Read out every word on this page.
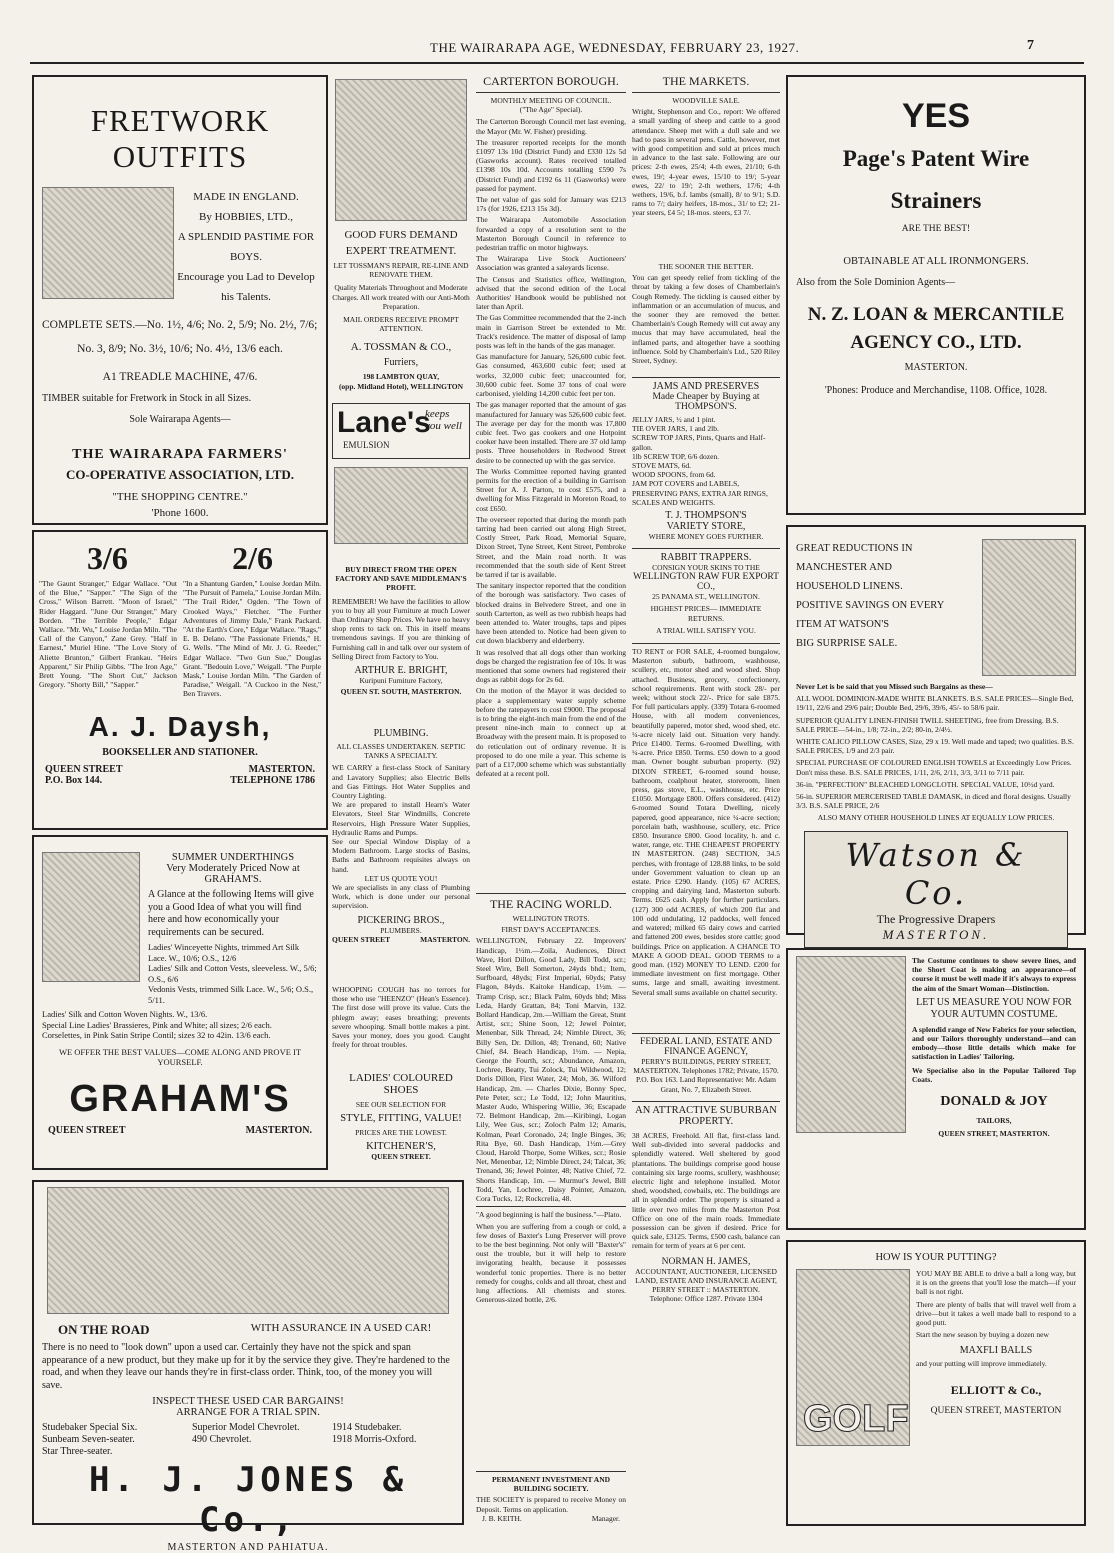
THE WAIRARAPA AGE, WEDNESDAY, FEBRUARY 23, 1927.	7
FRETWORK OUTFITS
MADE IN ENGLAND.
By HOBBIES, LTD.,
A SPLENDID PASTIME FOR
BOYS.
Encourage you Lad to Develop
his Talents.
COMPLETE SETS.—No. 1½, 4/6; No. 2, 5/9; No. 2½, 7/6;
No. 3, 8/9; No. 3½, 10/6; No. 4½, 13/6 each.
A1 TREADLE MACHINE, 47/6.
TIMBER suitable for Fretwork in Stock in all Sizes.
Sole Wairarapa Agents—
THE WAIRARAPA FARMERS'
CO-OPERATIVE ASSOCIATION, LTD.
"THE SHOPPING CENTRE."
'Phone 1600.
3/6	2/6
"The Gaunt Stranger," Edgar Wallace. "Out of the Blue," "Sapper." "The Sign of the Cross," Wilson Barrett. "Moon of Israel," Rider Haggard. "June Our Stranger," Mary Borden. "The Terrible People," Edgar Wallace. "Mr. Wu," Louise Jordan Miln. "The Call of the Canyon," Zane Grey. "Half in Earnest," Muriel Hine. "The Love Story of Aliette Brunton," Gilbert Frankau. "Heirs Apparent," Sir Philip Gibbs. "The Iron Age," Brett Young. "The Short Cut," Jackson Gregory. "Shorty Bill," "Sapper."
"In a Shantung Garden," Louise Jordan Miln. "The Pursuit of Pamela," Louise Jordan Miln. "The Trail Rider," Ogden. "The Town of Crooked Ways," Fletcher. "The Further Adventures of Jimmy Dale," Frank Packard. "At the Earth's Core," Edgar Wallace. "Rags," E. B. Delano. "The Passionate Friends," H. G. Wells. "The Mind of Mr. J. G. Reeder," Edgar Wallace. "Two Gun Sue," Douglas Grant. "Bedouin Love," Weigall. "The Purple Mask," Louise Jordan Miln. "The Garden of Paradise," Weigall. "A Cuckoo in the Nest," Ben Travers.
A. J. Daysh,
BOOKSELLER AND STATIONER.
QUEEN STREET	MASTERTON.
P.O. Box 144.	TELEPHONE 1786
SUMMER UNDERTHINGS
Very Moderately Priced Now at
GRAHAM'S.
A Glance at the following Items will give you a Good Idea of what you will find here and how economically your requirements can be secured.
Ladies' Winceyette Nights, trimmed Art Silk Lace. W., 10/6; O.S., 12/6
Ladies' Silk and Cotton Vests, sleeveless. W., 5/6; O.S., 6/6
Vedonis Vests, trimmed Silk Lace. W., 5/6; O.S., 5/11.
Ladies' Silk and Cotton Woven Nights. W., 13/6.
Special Line Ladies' Brassieres, Pink and White; all sizes; 2/6 each.
Corselettes, in Pink Satin Stripe Contil; sizes 32 to 42in. 13/6 each.
WE OFFER THE BEST VALUES—COME ALONG AND PROVE IT YOURSELF.
GRAHAM'S
QUEEN STREET	MASTERTON.
ON THE ROAD	WITH ASSURANCE IN A USED CAR!
There is no need to "look down" upon a used car. Certainly they have not the spick and span appearance of a new product, but they make up for it by the service they give. They're hardened to the road, and when they leave our hands they're in first-class order. Think, too, of the money you will save.
INSPECT THESE USED CAR BARGAINS!
ARRANGE FOR A TRIAL SPIN.
Studebaker Special Six.	Superior Model Chevrolet.	1914 Studebaker.
Sunbeam Seven-seater.	490 Chevrolet.	1918 Morris-Oxford.
Star Three-seater.
H. J. JONES & Co.,
MASTERTON AND PAHIATUA.
GOOD FURS DEMAND
EXPERT TREATMENT.
LET TOSSMAN'S REPAIR, RE-LINE AND RENOVATE THEM.
Quality Materials Throughout and Moderate Charges. All work treated with our Anti-Moth Preparation.
MAIL ORDERS RECEIVE PROMPT ATTENTION.
A. TOSSMAN & CO.,
Furriers,
198 LAMBTON QUAY,
(opp. Midland Hotel), WELLINGTON
Lane's
keeps you well
EMULSION
BUY DIRECT FROM THE OPEN FACTORY AND SAVE MIDDLEMAN'S PROFIT.
REMEMBER! We have the facilities to allow you to buy all your Furniture at much Lower than Ordinary Shop Prices. We have no heavy shop rents to tack on. This in itself means tremendous savings. If you are thinking of Furnishing call in and talk over our system of Selling Direct from Factory to You.
ARTHUR E. BRIGHT,
Kuripuni Furniture Factory,
QUEEN ST. SOUTH, MASTERTON.
PLUMBING.
ALL CLASSES UNDERTAKEN. SEPTIC TANKS A SPECIALTY.
WE CARRY a first-class Stock of Sanitary and Lavatory Supplies; also Electric Bells and Gas Fittings. Hot Water Supplies and Country Lighting.
We are prepared to install Hearn's Water Elevators, Steel Star Windmills, Concrete Reservoirs, High Pressure Water Supplies, Hydraulic Rams and Pumps.
See our Special Window Display of a Modern Bathroom. Large stocks of Basins, Baths and Bathroom requisites always on hand.
LET US QUOTE YOU!
We are specialists in any class of Plumbing Work, which is done under our personal supervision.
PICKERING BROS.,
PLUMBERS.
QUEEN STREET	MASTERTON.
WHOOPING COUGH has no terrors for those who use "HEENZO" (Hean's Essence). The first dose will prove its value. Cuts the phlegm away; eases breathing; prevents severe whooping. Small bottle makes a pint. Saves your money, does you good. Caught freely for throat troubles.
LADIES' COLOURED SHOES
SEE OUR SELECTION FOR
STYLE, FITTING, VALUE!
PRICES ARE THE LOWEST.
KITCHENER'S,
QUEEN STREET.
CARTERTON BOROUGH.
MONTHLY MEETING OF COUNCIL.
("The Age" Special).

The Carterton Borough Council met last evening, the Mayor (Mr. W. Fisher) presiding.

The treasurer reported receipts for the month £1097 13s 10d (District Fund) and £330 12s 5d (Gasworks account). Rates received totalled £1398 10s 10d. Accounts totalling £590 7s (District Fund) and £192 6s 11 (Gasworks) were passed for payment.

The net value of gas sold for January was £213 17s (for 1926, £213 15s 3d).

The Wairarapa Automobile Association forwarded a copy of a resolution sent to the Masterton Borough Council in reference to pedestrian traffic on motor highways.

The Wairarapa Live Stock Auctioneers' Association was granted a saleyards license.

The Census and Statistics office, Wellington, advised that the second edition of the Local Authorities' Handbook would be published not later than April.

The Gas Committee recommended that the 2-inch main in Garrison Street be extended to Mr. Track's residence. The matter of disposal of lamp posts was left in the hands of the gas manager.

Gas manufacture for January, 526,600 cubic feet. Gas consumed, 463,600 cubic feet; used at works, 32,000 cubic feet; unaccounted for, 30,600 cubic feet. Some 37 tons of coal were carbonised, yielding 14,200 cubic feet per ton.

The gas manager reported that the amount of gas manufactured for January was 526,600 cubic feet. The average per day for the month was 17,800 cubic feet. Two gas cookers and one Hotpoint cooker have been installed. There are 37 old lamp posts. Three householders in Redwood Street desire to be connected up with the gas service.

The Works Committee reported having granted permits for the erection of a building in Garrison Street for A. J. Parton, to cost £575, and a dwelling for Miss Fitzgerald in Moreton Road, to cost £650.

The overseer reported that during the month path tarring had been carried out along High Street, Costly Street, Park Road, Memorial Square, Dixon Street, Tyne Street, Kent Street, Pembroke Street, and the Main road north. It was recommended that the south side of Kent Street be tarred if tar is available.

The sanitary inspector reported that the condition of the borough was satisfactory. Two cases of blocked drains in Belvedere Street, and one in south Carterton, as well as two rubbish heaps had been attended to. Water troughs, taps and pipes have been attended to. Notice had been given to cut down blackberry and elderberry.

It was resolved that all dogs other than working dogs be charged the registration fee of 10s. It was mentioned that some owners had registered their dogs as rabbit dogs for 2s 6d.

On the motion of the Mayor it was decided to place a supplementary water supply scheme before the ratepayers to cost £9000. The proposal is to bring the eight-inch main from the end of the present nine-inch main to connect up at Broadway with the present main. It is proposed to do reticulation out of ordinary revenue. It is proposed to do one mile a year. This scheme is part of a £17,000 scheme which was substantially defeated at a recent poll.

THE RACING WORLD.
WELLINGTON TROTS.
FIRST DAY'S ACCEPTANCES.
WELLINGTON, February 22. Improvers' Handicap, 1½m.—Zoila, Audiences, Direct Wave, Hori Dillon, Good Lady, Bill Todd, scr.; Steel Wire, Bell Somerton, 24yds bhd.; Item, Surfboard, 48yds; First Imperial, 60yds; Patsy Flagon, 84yds. Kaitoke Handicap, 1½m. — Tramp Crisp, scr.; Black Palm, 60yds bhd; Miss Leda, Hardy Grattan, 84; Toni Marvin, 132. Bollard Handicap, 2m.—William the Great, Stunt Artist, scr.; Shine Soon, 12; Jewel Pointer, Menenbar, Silk Thread, 24; Nimble Direct, 36; Billy Sen, Dr. Dillon, 48; Trenand, 60; Native Chief, 84. Beach Handicap, 1½m. — Nepia, George the Fourth, scr.; Abundance, Amazon, Lochree, Beatty, Tui Zolock, Tui Wildwood, 12; Doris Dillon, First Water, 24; Mob, 36. Wilford Handicap, 2m. — Charles Dixie, Bonny Spec, Pete Peter, scr.; Le Todd, 12; John Mauritius, Master Audo, Whispering Willie, 36; Escapade 72. Belmont Handicap, 2m.—Kiribingi, Logan Lily, Wee Gus, scr.; Zoloch Palm 12; Amaris, Kolman, Pearl Coronado, 24; Ingle Binges, 36; Rita Bye, 60. Dash Handicap, 1½m.—Grey Cloud, Harold Thorpe, Some Wilkes, scr.; Rosie Net, Menenbar, 12; Nimble Direct, 24; Talcat, 36; Trenand, 36; Jewel Pointer, 48; Native Chief, 72. Shorts Handicap, 1m. — Murmur's Jewel, Bill Todd, Yan, Lochree, Daisy Pointer, Amazon, Cora Tucks, 12; Rockcrelia, 48.
"A good beginning is half the business."—Plato.
When you are suffering from a cough or cold, a few doses of Baxter's Lung Preserver will prove to be the best beginning. Not only will "Baxter's" oust the trouble, but it will help to restore invigorating health, because it possesses wonderful tonic properties. There is no better remedy for coughs, colds and all throat, chest and lung affections. All chemists and stores. Generous-sized bottle, 2/6.
PERMANENT INVESTMENT AND BUILDING SOCIETY.
THE SOCIETY is prepared to receive Money on Deposit. Terms on application.
J. B. KEITH.	Manager.
THE MARKETS.
WOODVILLE SALE.
Wright, Stephenson and Co., report: We offered a small yarding of sheep and cattle to a good attendance. Sheep met with a dull sale and we had to pass in several pens. Cattle, however, met with good competition and sold at prices much in advance to the last sale. Following are our prices: 2-th ewes, 25/4; 4-th ewes, 21/10; 6-th ewes, 19/; 4-year ewes, 15/10 to 19/; 5-year ewes, 22/ to 19/; 2-th wethers, 17/6; 4-th wethers, 19/6, b.f. lambs (small), 8/ to 9/1; S.D. rams to 7/; dairy heifers, 18-mos., 31/ to £2; 21-year steers, £4 5/; 18-mos. steers, £3 7/.
THE SOONER THE BETTER.
You can get speedy relief from tickling of the throat by taking a few doses of Chamberlain's Cough Remedy. The tickling is caused either by inflammation or an accumulation of mucus, and the sooner they are removed the better. Chamberlain's Cough Remedy will cut away any mucus that may have accumulated, heal the inflamed parts, and altogether have a soothing influence. Sold by Chamberlain's Ltd., 520 Riley Street, Sydney.
JAMS AND PRESERVES
Made Cheaper by Buying at
THOMPSON'S.
JELLY JARS, ½ and 1 pint.
TIE OVER JARS, 1 and 2lb.
SCREW TOP JARS, Pints, Quarts and Half-gallon.
1lb SCREW TOP, 6/6 dozen.
STOVE MATS, 6d.
WOOD SPOONS, from 6d.
JAM POT COVERS and LABELS, PRESERVING PANS, EXTRA JAR RINGS, SCALES AND WEIGHTS.
T. J. THOMPSON'S
VARIETY STORE,
WHERE MONEY GOES FURTHER.
RABBIT TRAPPERS.
CONSIGN YOUR SKINS TO THE
WELLINGTON RAW FUR EXPORT CO.,
25 PANAMA ST., WELLINGTON.
HIGHEST PRICES— IMMEDIATE RETURNS.
A TRIAL WILL SATISFY YOU.
TO RENT or FOR SALE, 4-roomed bungalow, Masterton suburb, bathroom, washhouse, scullery, etc, motor shed and wood shed. Shop attached. Business, grocery, confectionery, school requirements. Rent with stock 28/- per week; without stock 22/-. Price for sale £875. For full particulars apply. (339) Totara 6-roomed House, with all modern conveniences, beautifully papered, motor shed, wood shed, etc. ¼-acre nicely laid out. Situation very handy. Price £1400. Terms. 6-roomed Dwelling, with ¼-acre. Price £850. Terms. £50 down to a good man. Owner bought suburban property. (92) DIXON STREET, 6-roomed sound house, bathroom, coalphout heater, storeroom, linen press, gas stove, E.L., washhouse, etc. Price £1050. Mortgage £800. Offers considered. (412) 6-roomed Sound Totara Dwelling, nicely papered, good appearance, nice ¼-acre section; porcelain bath, washhouse, scullery, etc. Price £850. Insurance £800. Good locality, h. and c. water, range, etc. THE CHEAPEST PROPERTY IN MASTERTON. (248) SECTION, 34.5 perches, with frontage of 128.88 links, to be sold under Government valuation to clean up an estate. Price £290. Handy. (105) 67 ACRES, cropping and dairying land, Masterton suburb. Terms. £625 cash. Apply for further particulars. (127) 300 odd ACRES, of which 200 flat and 100 odd undulating, 12 paddocks, well fenced and watered; milked 65 dairy cows and carried and fattened 200 ewes, besides store cattle; good buildings. Price on application. A CHANCE TO MAKE A GOOD DEAL. GOOD TERMS to a good man. (192) MONEY TO LEND. £200 for immediate investment on first mortgage. Other sums, large and small, awaiting investment. Several small sums available on chattel security.
FEDERAL LAND, ESTATE AND FINANCE AGENCY,
PERRY'S BUILDINGS, PERRY STREET, MASTERTON. Telephones 1782; Private, 1570. P.O. Box 163. Land Representative: Mr. Adam Grant, No. 7, Elizabeth Street.
AN ATTRACTIVE SUBURBAN PROPERTY.
38 ACRES, Freehold. All flat, first-class land. Well sub-divided into several paddocks and splendidly watered. Well sheltered by good plantations. The buildings comprise good house containing six large rooms, scullery, washhouse; electric light and telephone installed. Motor shed, woodshed, cowbails, etc. The buildings are all in splendid order. The property is situated a little over two miles from the Masterton Post Office on one of the main roads. Immediate possession can be given if desired. Price for quick sale, £3125. Terms, £500 cash, balance can remain for term of years at 6 per cent.
NORMAN H. JAMES,
ACCOUNTANT, AUCTIONEER, LICENSED LAND, ESTATE AND INSURANCE AGENT,
PERRY STREET :: MASTERTON.
Telephone: Office 1287. Private 1304
YES
Page's Patent Wire
Strainers
ARE THE BEST!
OBTAINABLE AT ALL IRONMONGERS.
Also from the Sole Dominion Agents—
N. Z. LOAN & MERCANTILE
AGENCY CO., LTD.
MASTERTON.
'Phones: Produce and Merchandise, 1108. Office, 1028.
GREAT REDUCTIONS IN
MANCHESTER AND
HOUSEHOLD LINENS.
POSITIVE SAVINGS ON EVERY
ITEM AT WATSON'S
BIG SURPRISE SALE.
Never Let is be said that you Missed such Bargains as these—
ALL WOOL DOMINION-MADE WHITE BLANKETS. B.S. SALE PRICES—Single Bed, 19/11, 22/6 and 29/6 pair; Double Bed, 29/6, 39/6, 45/- to 58/6 pair.
SUPERIOR QUALITY LINEN-FINISH TWILL SHEETING, free from Dressing. B.S. SALE PRICE—54-in., 1/8; 72-in., 2/2; 80-in, 2/4½.
WHITE CALICO PILLOW CASES, Size, 29 x 19. Well made and taped; two qualities. B.S. SALE PRICES, 1/9 and 2/3 pair.
SPECIAL PURCHASE OF COLOURED ENGLISH TOWELS at Exceedingly Low Prices. Don't miss these. B.S. SALE PRICES, 1/11, 2/6, 2/11, 3/3, 3/11 to 7/11 pair.
36-in. "PERFECTION" BLEACHED LONGCLOTH. SPECIAL VALUE, 10½d yard.
56-in. SUPERIOR MERCERISED TABLE DAMASK, in diced and floral designs. Usually 3/3. B.S. SALE PRICE, 2/6
ALSO MANY OTHER HOUSEHOLD LINES AT EQUALLY LOW PRICES.
Watson & Co.
The Progressive Drapers
MASTERTON.
The Costume continues to show severe lines, and the Short Coat is making an appearance—of course it must be well made if it's always to express the aim of the Smart Woman—Distinction.
LET US MEASURE YOU NOW FOR YOUR AUTUMN COSTUME.
A splendid range of New Fabrics for your selection, and our Tailors thoroughly understand—and can embody—those little details which make for satisfaction in Ladies' Tailoring.
We Specialise also in the Popular Tailored Top Coats.
DONALD & JOY
TAILORS,
QUEEN STREET, MASTERTON.
HOW IS YOUR PUTTING?
GOLF
YOU MAY BE ABLE to drive a ball a long way, but it is on the greens that you'll lose the match—if your ball is not right.
There are plenty of balls that will travel well from a drive—but it takes a well made ball to respond to a good putt.
Start the new season by buying a dozen new
MAXFLI BALLS
and your putting will improve immediately.
ELLIOTT & Co.,
QUEEN STREET, MASTERTON
